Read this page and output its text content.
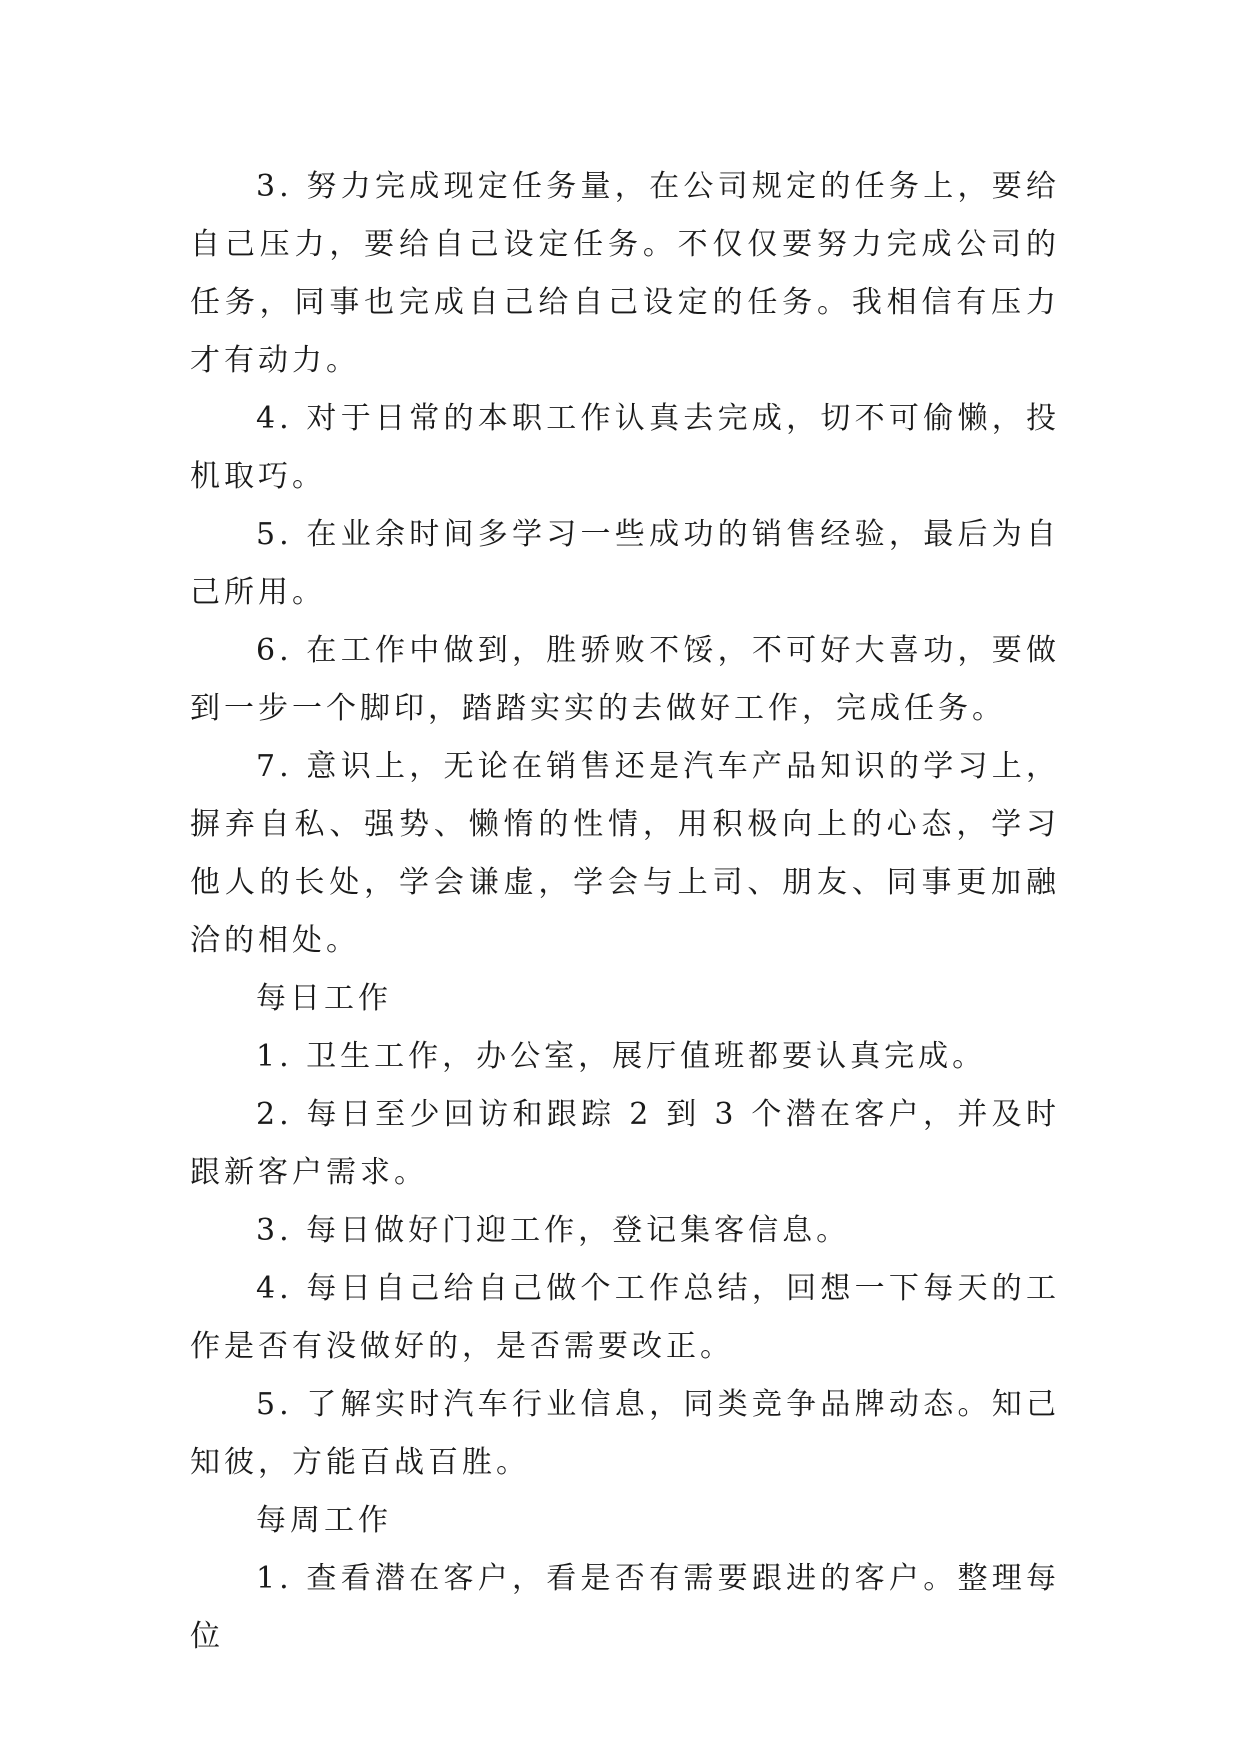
3. 努力完成现定任务量，在公司规定的任务上，要给自己压力，要给自己设定任务。不仅仅要努力完成公司的任务，同事也完成自己给自己设定的任务。我相信有压力才有动力。

4. 对于日常的本职工作认真去完成，切不可偷懒，投机取巧。

5. 在业余时间多学习一些成功的销售经验，最后为自己所用。

6. 在工作中做到，胜骄败不馁，不可好大喜功，要做到一步一个脚印，踏踏实实的去做好工作，完成任务。

7. 意识上，无论在销售还是汽车产品知识的学习上，摒弃自私、强势、懒惰的性情，用积极向上的心态，学习他人的长处，学会谦虚，学会与上司、朋友、同事更加融洽的相处。

每日工作

1. 卫生工作，办公室，展厅值班都要认真完成。

2. 每日至少回访和跟踪 2 到 3 个潜在客户，并及时跟新客户需求。

3. 每日做好门迎工作，登记集客信息。

4. 每日自己给自己做个工作总结，回想一下每天的工作是否有没做好的，是否需要改正。

5. 了解实时汽车行业信息，同类竞争品牌动态。知己知彼，方能百战百胜。

每周工作

1. 查看潜在客户，看是否有需要跟进的客户。整理每位
